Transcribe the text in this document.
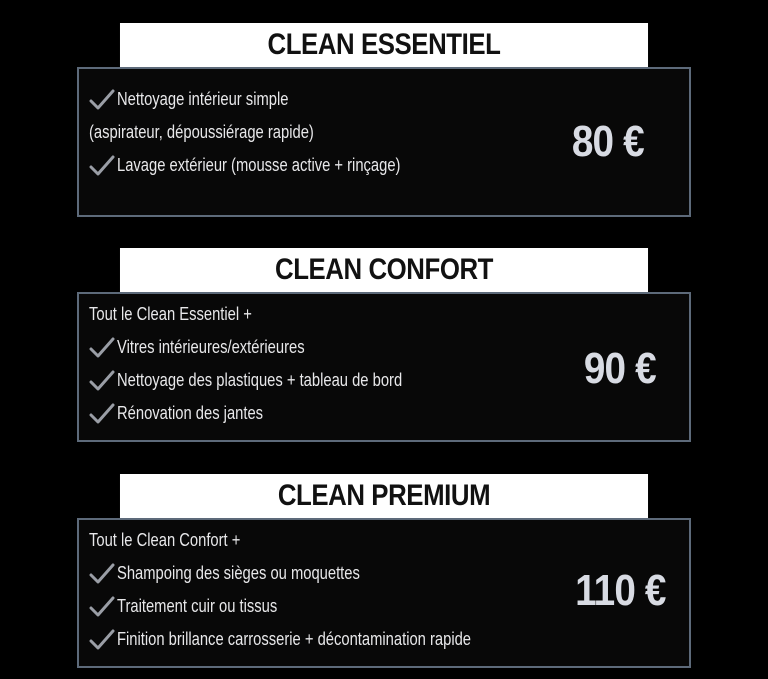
CLEAN ESSENTIEL
Nettoyage intérieur simple
(aspirateur, dépoussiérage rapide)
Lavage extérieur (mousse active + rinçage)	80 €
CLEAN CONFORT
Tout le Clean Essentiel +
Vitres intérieures/extérieures
Nettoyage des plastiques + tableau de bord
Rénovation des jantes
90 €
CLEAN PREMIUM
Tout le Clean Confort +
Shampoing des sièges ou moquettes
Traitement cuir ou tissus
Finition brillance carrosserie + décontamination rapide
110 €
